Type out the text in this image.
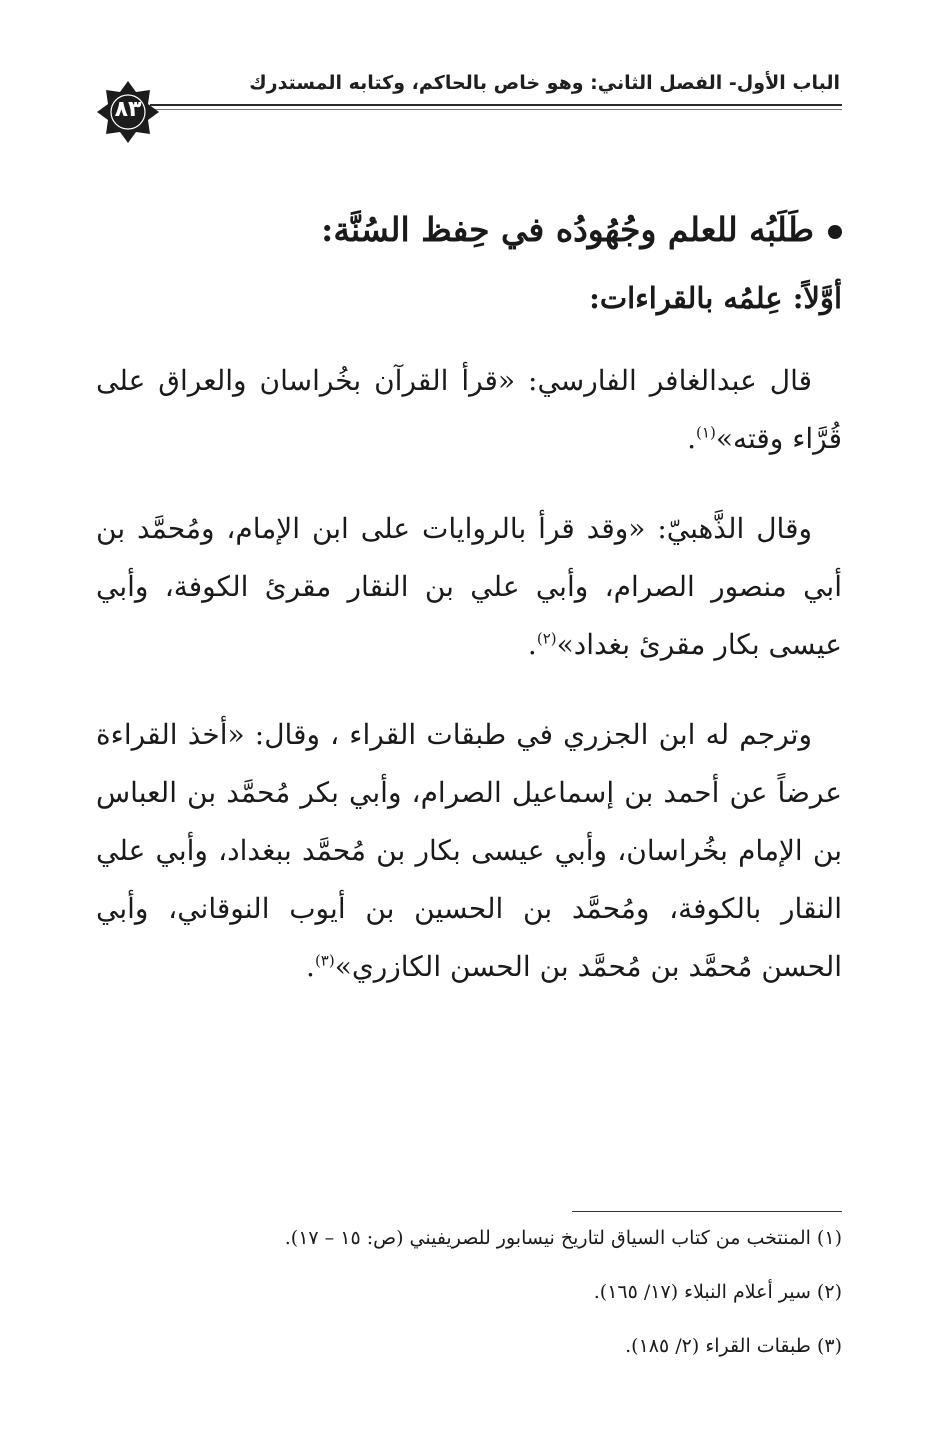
الباب الأول- الفصل الثاني: وهو خاص بالحاكم، وكتابه المستدرك
٨٣
طَلَبُه للعلم وجُهُودُه في حِفظ السُنَّة:
أوَّلاً: عِلمُه بالقراءات:

قال عبدالغافر الفارسي: «قرأ القرآن بخُراسان والعراق على قُرَّاء وقته»$^{(١)}$.

وقال الذَّهبيّ: «وقد قرأ بالروايات على ابن الإمام، ومُحمَّد بن أبي منصور الصرام، وأبي علي بن النقار مقرئ الكوفة، وأبي عيسى بكار مقرئ بغداد»$^{(٢)}$.

وترجم له ابن الجزري في طبقات القراء ، وقال: «أخذ القراءة عرضاً عن أحمد بن إسماعيل الصرام، وأبي بكر مُحمَّد بن العباس بن الإمام بخُراسان، وأبي عيسى بكار بن مُحمَّد ببغداد، وأبي علي النقار بالكوفة، ومُحمَّد بن الحسين بن أيوب النوقاني، وأبي الحسن مُحمَّد بن مُحمَّد بن الحسن الكازري»$^{(٣)}$.

(١) المنتخب من كتاب السياق لتاريخ نيسابور للصريفيني (ص: ١٥ – ١٧).
(٢) سير أعلام النبلاء (١٧/ ١٦٥).
(٣) طبقات القراء (٢/ ١٨٥).
